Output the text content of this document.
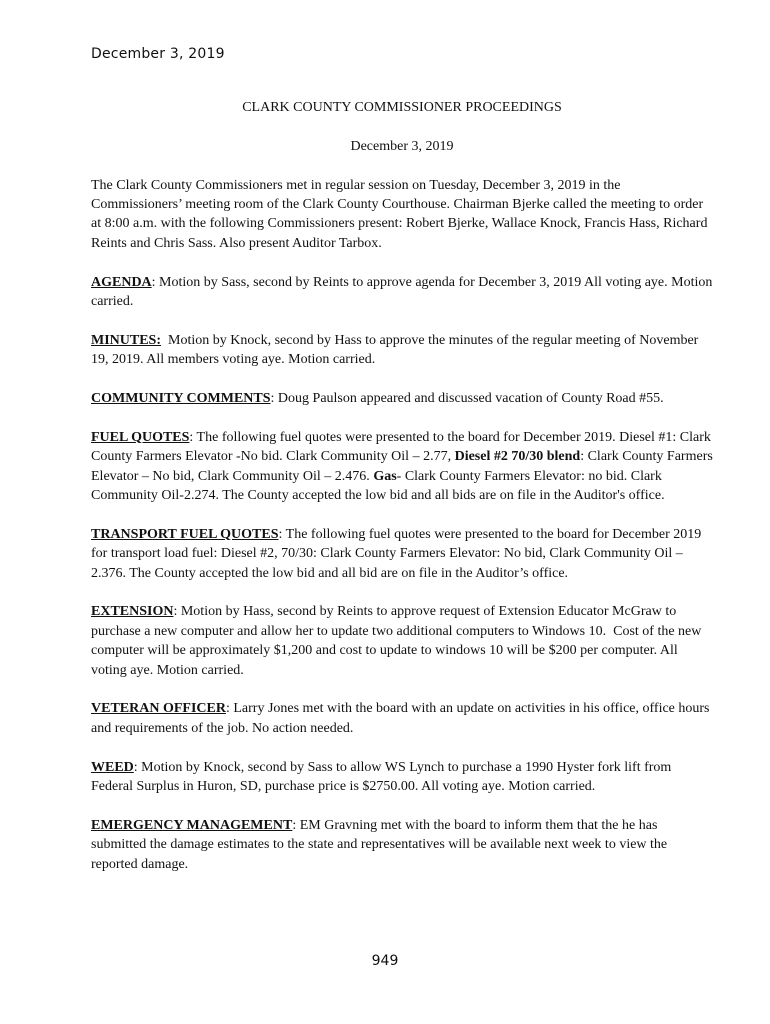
December 3, 2019

CLARK COUNTY COMMISSIONER PROCEEDINGS

December 3, 2019

The Clark County Commissioners met in regular session on Tuesday, December 3, 2019 in the Commissioners’ meeting room of the Clark County Courthouse. Chairman Bjerke called the meeting to order at 8:00 a.m. with the following Commissioners present: Robert Bjerke, Wallace Knock, Francis Hass, Richard Reints and Chris Sass. Also present Auditor Tarbox.

AGENDA: Motion by Sass, second by Reints to approve agenda for December 3, 2019 All voting aye. Motion carried.

MINUTES:  Motion by Knock, second by Hass to approve the minutes of the regular meeting of November 19, 2019. All members voting aye. Motion carried.

COMMUNITY COMMENTS: Doug Paulson appeared and discussed vacation of County Road #55.

FUEL QUOTES: The following fuel quotes were presented to the board for December 2019. Diesel #1: Clark County Farmers Elevator -No bid. Clark Community Oil – 2.77, Diesel #2 70/30 blend: Clark County Farmers Elevator – No bid, Clark Community Oil – 2.476. Gas- Clark County Farmers Elevator: no bid. Clark Community Oil-2.274. The County accepted the low bid and all bids are on file in the Auditor's office.

TRANSPORT FUEL QUOTES: The following fuel quotes were presented to the board for December 2019 for transport load fuel: Diesel #2, 70/30: Clark County Farmers Elevator: No bid, Clark Community Oil – 2.376. The County accepted the low bid and all bid are on file in the Auditor’s office.

EXTENSION: Motion by Hass, second by Reints to approve request of Extension Educator McGraw to purchase a new computer and allow her to update two additional computers to Windows 10.  Cost of the new computer will be approximately $1,200 and cost to update to windows 10 will be $200 per computer. All voting aye. Motion carried.

VETERAN OFFICER: Larry Jones met with the board with an update on activities in his office, office hours and requirements of the job. No action needed.

WEED: Motion by Knock, second by Sass to allow WS Lynch to purchase a 1990 Hyster fork lift from Federal Surplus in Huron, SD, purchase price is $2750.00. All voting aye. Motion carried.

EMERGENCY MANAGEMENT: EM Gravning met with the board to inform them that the he has submitted the damage estimates to the state and representatives will be available next week to view the reported damage.

949
